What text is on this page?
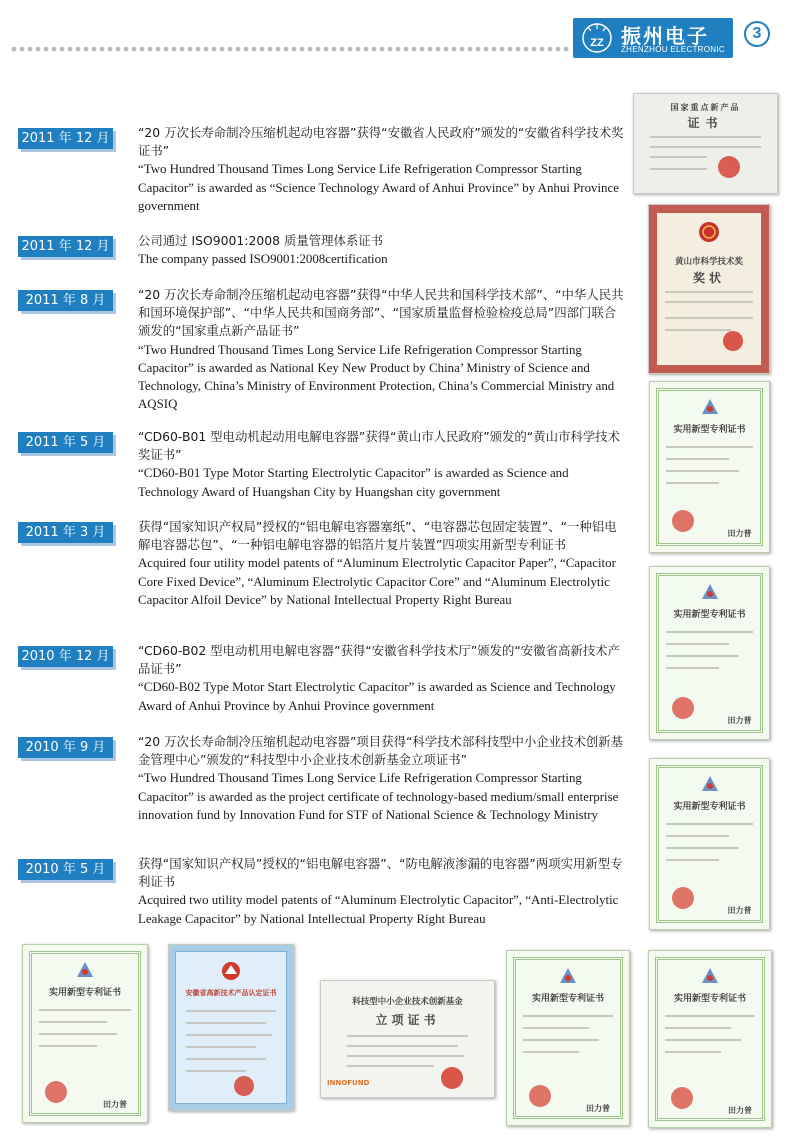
ZZ 振州电子
ZHENZHOU ELECTRONIC
3
2011 年 12 月 “20 万次长寿命制冷压缩机起动电容器”获得“安徽省人民政府”颁发的“安徽省科学技术奖证书”

“Two Hundred Thousand Times Long Service Life Refrigeration Compressor Starting Capacitor” is awarded as “Science Technology Award of Anhui Province” by Anhui Province government

2011 年 12 月 公司通过 ISO9001:2008 质量管理体系证书

The company passed ISO9001:2008certification

2011 年 8 月	“20 万次长寿命制冷压缩机起动电容器”获得“中华人民共和国科学技术部”、“中华人民共和国环境保护部”、“中华人民共和国商务部”、“国家质量监督检验检疫总局”四部门联合颁发的“国家重点新产品证书”

“Two Hundred Thousand Times Long Service Life Refrigeration Compressor Starting Capacitor” is awarded as National Key New Product by China’ Ministry of Science and Technology, China’s Ministry of Environment Protection, China’s Commercial Ministry and AQSIQ

2011 年 5 月	“CD60-B01 型电动机起动用电解电容器”获得“黄山市人民政府”颁发的“黄山市科学技术奖证书”

“CD60-B01 Type Motor Starting Electrolytic Capacitor” is awarded as Science and Technology Award of Huangshan City by Huangshan city government

2011 年 3 月	获得“国家知识产权局”授权的“铝电解电容器塞纸”、“电容器芯包固定装置”、“一种铝电解电容器芯包”、“一种铝电解电容器的铝箔片复片装置”四项实用新型专利证书

Acquired four utility model patents of “Aluminum Electrolytic Capacitor Paper”, “Capacitor Core Fixed Device”, “Aluminum Electrolytic Capacitor Core” and “Aluminum Electrolytic Capacitor Alfoil Device” by National Intellectual Property Right Bureau

2010 年 12 月 “CD60-B02 型电动机用电解电容器”获得“安徽省科学技术厅”颁发的“安徽省高新技术产品证书”

“CD60-B02 Type Motor Start Electrolytic Capacitor” is awarded as Science and Technology Award of Anhui Province by Anhui Province government

2010 年 9 月	“20 万次长寿命制冷压缩机起动电容器”项目获得“科学技术部科技型中小企业技术创新基金管理中心”颁发的“科技型中小企业技术创新基金立项证书”

“Two Hundred Thousand Times Long Service Life Refrigeration Compressor Starting Capacitor” is awarded as the project certificate of technology-based medium/small enterprise innovation fund by Innovation Fund for STF of National Science & Technology Ministry

2010 年 5 月	获得“国家知识产权局”授权的“铝电解电容器”、“防电解液渗漏的电容器”两项实用新型专利证书

Acquired two utility model patents of “Aluminum Electrolytic Capacitor”, “Anti-Electrolytic Leakage Capacitor” by National Intellectual Property Right Bureau

国家重点新产品
证书
黄山市科学技术奖
奖状
实用新型专利证书
田力普
实用新型专利证书
田力普
实用新型专利证书
田力普
实用新型专利证书
田力普
安徽省高新技术产品认定证书
科技型中小企业技术创新基金
立项证书
INNOFUND
实用新型专利证书
田力普
实用新型专利证书
田力普
